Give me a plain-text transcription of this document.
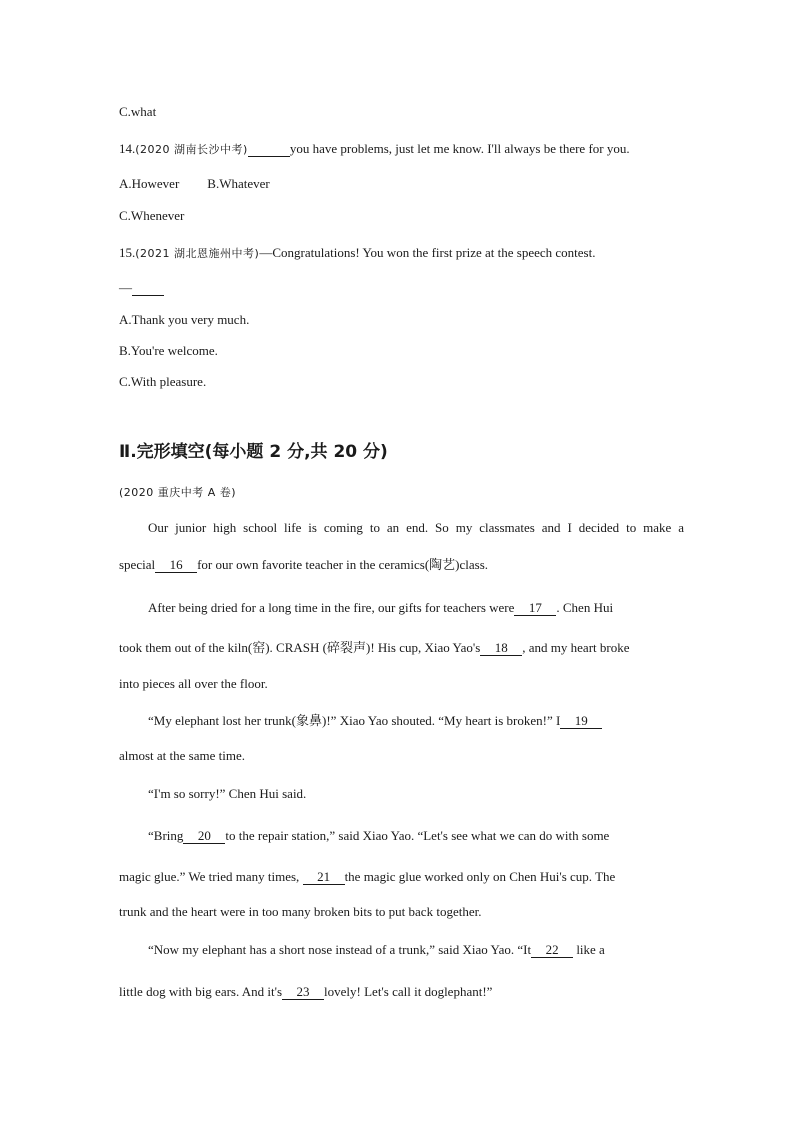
C.what
14.(2020 湖南长沙中考)	you have problems, just let me know. I'll always be there for you.
A.However B.Whatever
C.Whenever
15.(2021 湖北恩施州中考)—Congratulations! You won the first prize at the speech contest.
—
A.Thank you very much.
B.You're welcome.
C.With pleasure.
Ⅱ.完形填空(每小题 2 分,共 20 分)
(2020 重庆中考 A 卷)
Our junior high school life is coming to an end. So my classmates and I decided to make a
special 16 for our own favorite teacher in the ceramics(陶艺)class.
After being dried for a long time in the fire, our gifts for teachers were 17 . Chen Hui
took them out of the kiln(窑). CRASH (碎裂声)! His cup, Xiao Yao's 18 , and my heart broke
into pieces all over the floor.
“My elephant lost her trunk(象鼻)!” Xiao Yao shouted. “My heart is broken!” I 19
almost at the same time.
“I'm so sorry!” Chen Hui said.
“Bring 20 to the repair station,” said Xiao Yao. “Let's see what we can do with some
magic glue.” We tried many times, 21 the magic glue worked only on Chen Hui's cup. The
trunk and the heart were in too many broken bits to put back together.
“Now my elephant has a short nose instead of a trunk,” said Xiao Yao. “It 22 like a
little dog with big ears. And it's 23 lovely! Let's call it doglephant!”
